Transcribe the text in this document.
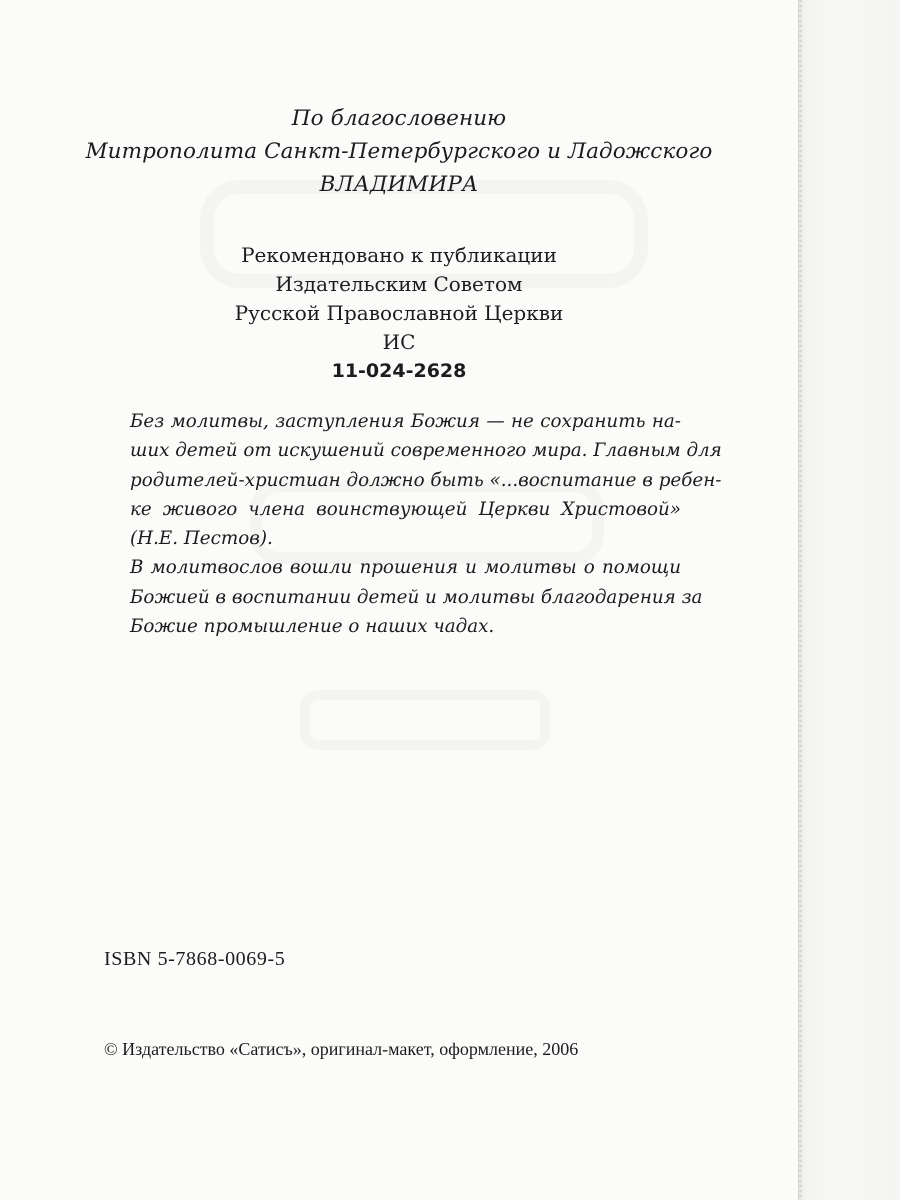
По благословению
Митрополита Санкт-Петербургского и Ладожского
ВЛАДИМИРА
Рекомендовано к публикации
Издательским Советом
Русской Православной Церкви
ИС
11-024-2628

Без молитвы, заступления Божия — не сохранить на-
ших детей от искушений современного мира. Главным для
родителей-христиан должно быть «...воспитание в ребен-
ке живого члена воинствующей Церкви Христовой»
(Н.Е. Пестов).

В молитвослов вошли прошения и молитвы о помощи
Божией в воспитании детей и молитвы благодарения за
Божие промышление о наших чадах.

ISBN 5-7868-0069-5
© Издательство «Сатисъ», оригинал-макет, оформление, 2006
